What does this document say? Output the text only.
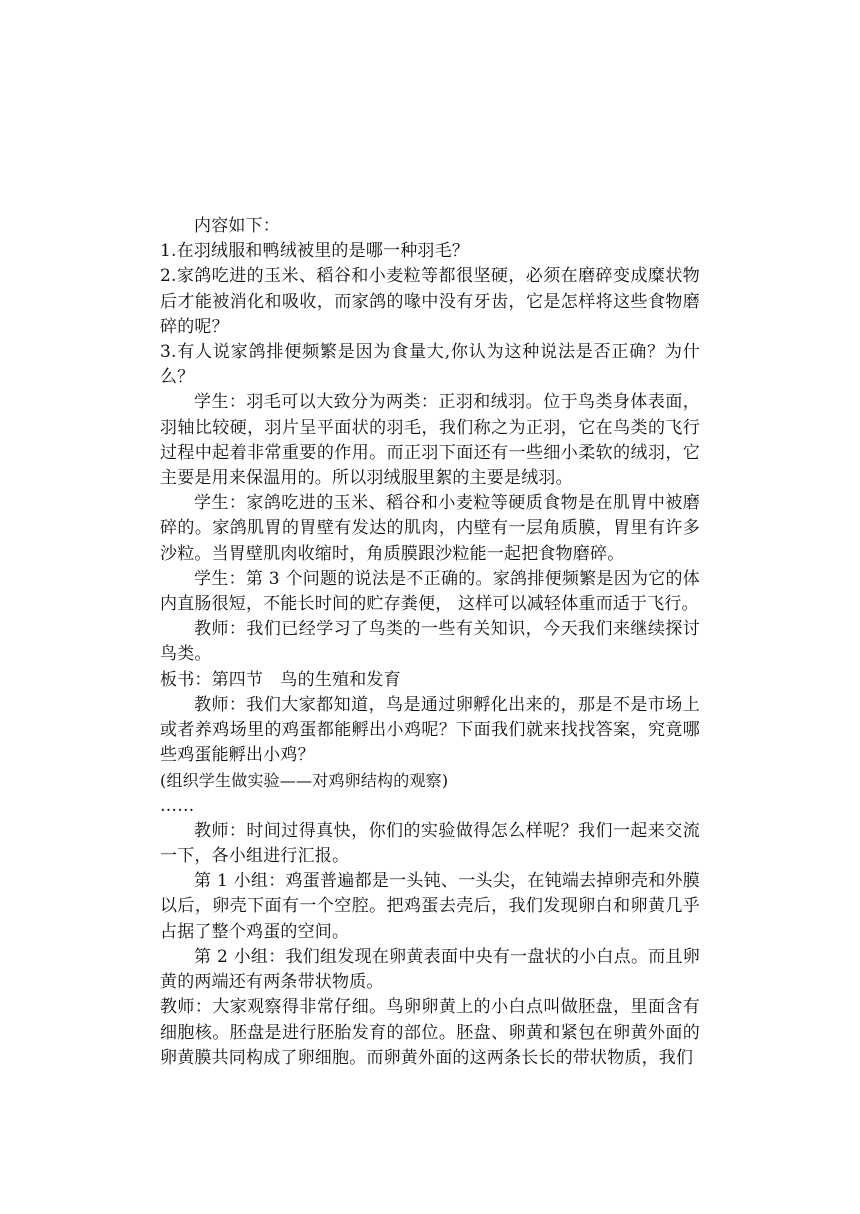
内容如下：

1.在羽绒服和鸭绒被里的是哪一种羽毛？

2.家鸽吃进的玉米、稻谷和小麦粒等都很坚硬，必须在磨碎变成糜状物后才能被消化和吸收，而家鸽的喙中没有牙齿，它是怎样将这些食物磨碎的呢？

3.有人说家鸽排便频繁是因为食量大,你认为这种说法是否正确？为什么？

学生：羽毛可以大致分为两类：正羽和绒羽。位于鸟类身体表面，羽轴比较硬，羽片呈平面状的羽毛，我们称之为正羽，它在鸟类的飞行过程中起着非常重要的作用。而正羽下面还有一些细小柔软的绒羽，它主要是用来保温用的。所以羽绒服里絮的主要是绒羽。

学生：家鸽吃进的玉米、稻谷和小麦粒等硬质食物是在肌胃中被磨碎的。家鸽肌胃的胃壁有发达的肌肉，内壁有一层角质膜，胃里有许多沙粒。当胃壁肌肉收缩时，角质膜跟沙粒能一起把食物磨碎。

学生：第 3 个问题的说法是不正确的。家鸽排便频繁是因为它的体内直肠很短，不能长时间的贮存粪便， 这样可以减轻体重而适于飞行。

教师：我们已经学习了鸟类的一些有关知识，今天我们来继续探讨鸟类。

板书：第四节　鸟的生殖和发育

教师：我们大家都知道，鸟是通过卵孵化出来的，那是不是市场上或者养鸡场里的鸡蛋都能孵出小鸡呢？下面我们就来找找答案，究竟哪些鸡蛋能孵出小鸡？

(组织学生做实验——对鸡卵结构的观察)

……

教师：时间过得真快，你们的实验做得怎么样呢？我们一起来交流一下，各小组进行汇报。

第 1 小组：鸡蛋普遍都是一头钝、一头尖，在钝端去掉卵壳和外膜以后，卵壳下面有一个空腔。把鸡蛋去壳后，我们发现卵白和卵黄几乎占据了整个鸡蛋的空间。

第 2 小组：我们组发现在卵黄表面中央有一盘状的小白点。而且卵黄的两端还有两条带状物质。

教师：大家观察得非常仔细。鸟卵卵黄上的小白点叫做胚盘，里面含有细胞核。胚盘是进行胚胎发育的部位。胚盘、卵黄和紧包在卵黄外面的卵黄膜共同构成了卵细胞。而卵黄外面的这两条长长的带状物质，我们
